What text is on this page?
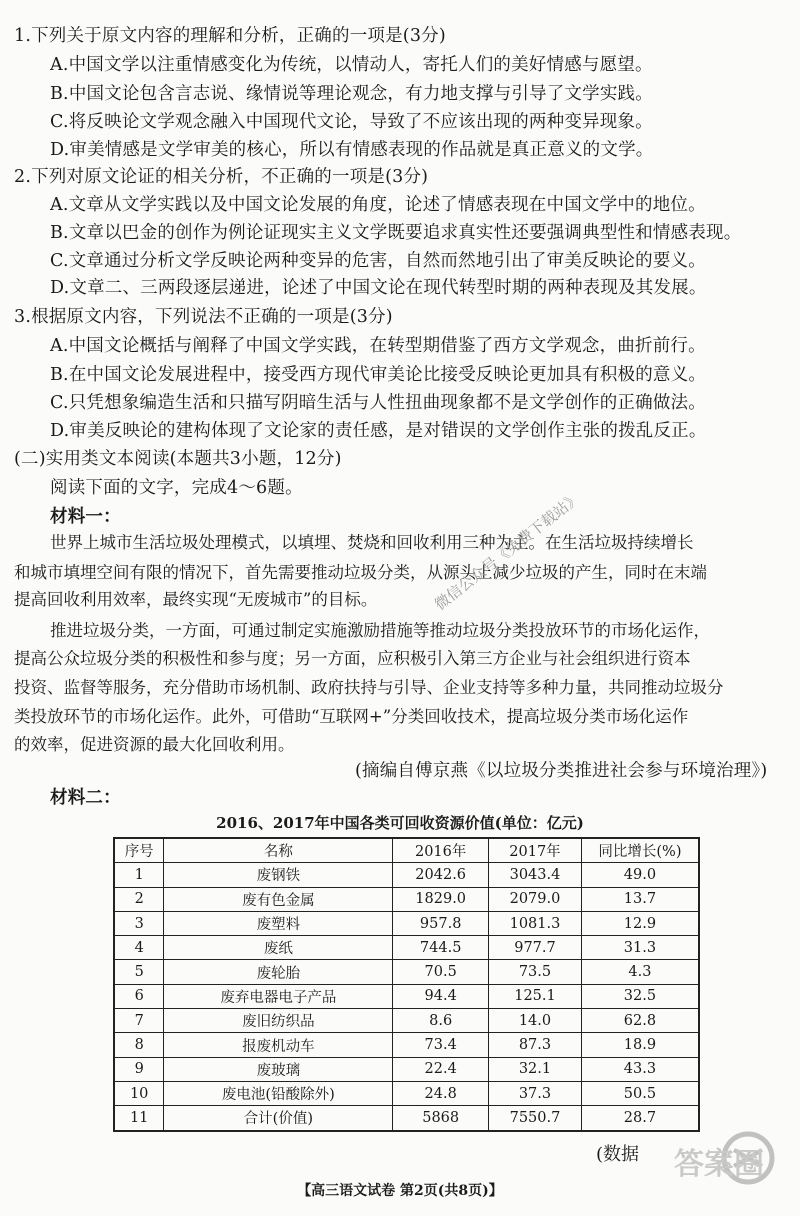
1.下列关于原文内容的理解和分析，正确的一项是(3分)
A.中国文学以注重情感变化为传统，以情动人，寄托人们的美好情感与愿望。
B.中国文论包含言志说、缘情说等理论观念，有力地支撑与引导了文学实践。
C.将反映论文学观念融入中国现代文论，导致了不应该出现的两种变异现象。
D.审美情感是文学审美的核心，所以有情感表现的作品就是真正意义的文学。
2.下列对原文论证的相关分析，不正确的一项是(3分)
A.文章从文学实践以及中国文论发展的角度，论述了情感表现在中国文学中的地位。
B.文章以巴金的创作为例论证现实主义文学既要追求真实性还要强调典型性和情感表现。
C.文章通过分析文学反映论两种变异的危害，自然而然地引出了审美反映论的要义。
D.文章二、三两段逐层递进，论述了中国文论在现代转型时期的两种表现及其发展。
3.根据原文内容，下列说法不正确的一项是(3分)
A.中国文论概括与阐释了中国文学实践，在转型期借鉴了西方文学观念，曲折前行。
B.在中国文论发展进程中，接受西方现代审美论比接受反映论更加具有积极的意义。
C.只凭想象编造生活和只描写阴暗生活与人性扭曲现象都不是文学创作的正确做法。
D.审美反映论的建构体现了文论家的责任感，是对错误的文学创作主张的拨乱反正。
(二)实用类文本阅读(本题共3小题，12分)
阅读下面的文字，完成4～6题。
材料一：
世界上城市生活垃圾处理模式，以填埋、焚烧和回收利用三种为主。在生活垃圾持续增长
和城市填埋空间有限的情况下，首先需要推动垃圾分类，从源头上减少垃圾的产生，同时在末端
提高回收利用效率，最终实现“无废城市”的目标。
推进垃圾分类，一方面，可通过制定实施激励措施等推动垃圾分类投放环节的市场化运作，
提高公众垃圾分类的积极性和参与度；另一方面，应积极引入第三方企业与社会组织进行资本
投资、监督等服务，充分借助市场机制、政府扶持与引导、企业支持等多种力量，共同推动垃圾分
类投放环节的市场化运作。此外，可借助“互联网+”分类回收技术，提高垃圾分类市场化运作
的效率，促进资源的最大化回收利用。
(摘编自傅京燕《以垃圾分类推进社会参与环境治理》)
材料二：
2016、2017年中国各类可回收资源价值(单位：亿元)
序号	名称	2016年	2017年	同比增长(%)
1	废钢铁	2042.6	3043.4	49.0
2	废有色金属	1829.0	2079.0	13.7
3	废塑料	957.8	1081.3	12.9
4	废纸	744.5	977.7	31.3
5	废轮胎	70.5	73.5	4.3
6	废弃电器电子产品	94.4	125.1	32.5
7	废旧纺织品	8.6	14.0	62.8
8	报废机动车	73.4	87.3	18.9
9	废玻璃	22.4	32.1	43.3
10	废电池(铅酸除外)	24.8	37.3	50.5
11	合计(价值)	5868	7550.7	28.7
(数据
微信公众号《免费下载站》
答案圈
【高三语文试卷 第2页(共8页)】
